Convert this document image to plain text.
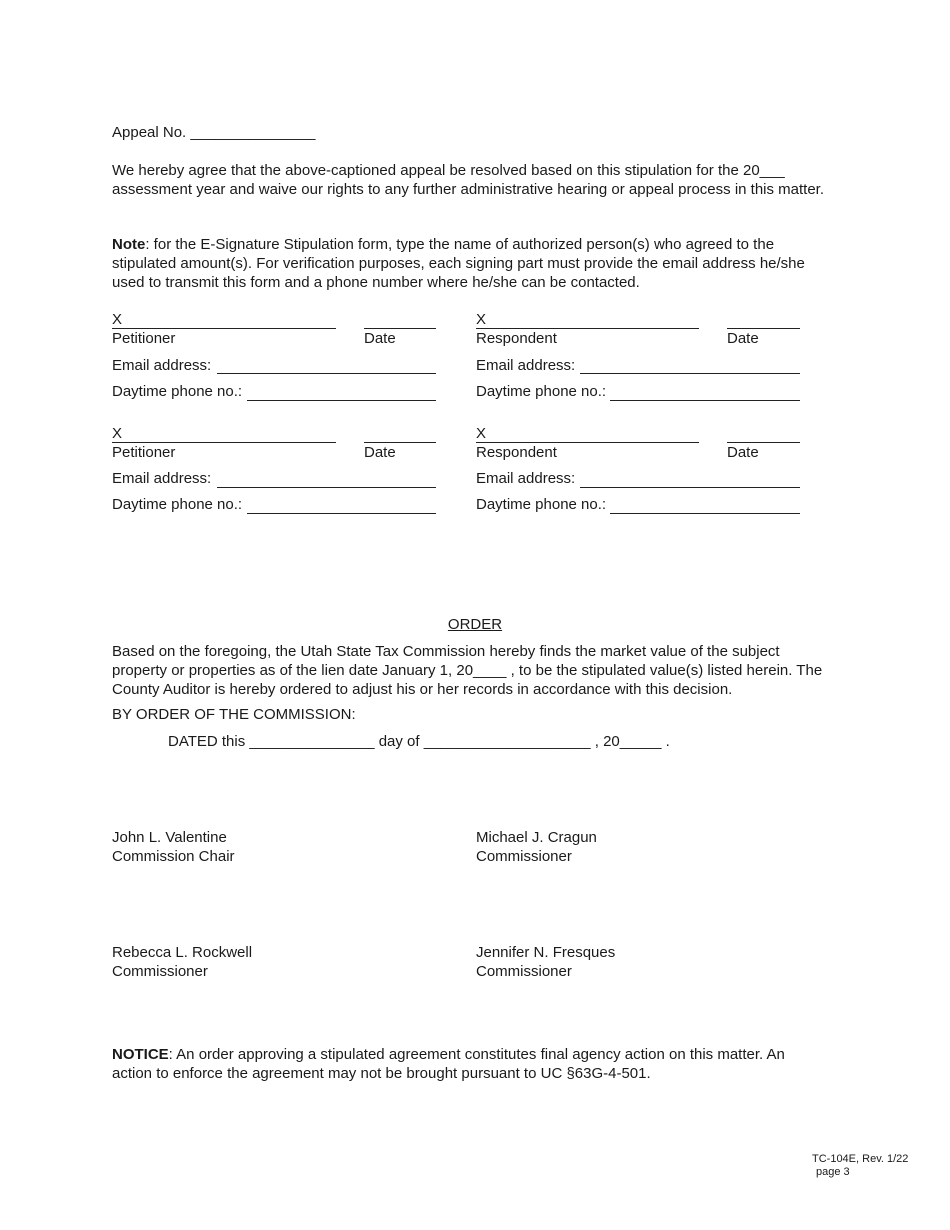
Appeal No. _______________
We hereby agree that the above-captioned appeal be resolved based on this stipulation for the 20___ assessment year and waive our rights to any further administrative hearing or appeal process in this matter.
Note: for the E-Signature Stipulation form, type the name of authorized person(s) who agreed to the stipulated amount(s). For verification purposes, each signing part must provide the email address he/she used to transmit this form and a phone number where he/she can be contacted.
X
Petitioner	Date
Email address:
Daytime phone no.:
X
Respondent	Date
Email address:
Daytime phone no.:
X
Petitioner	Date
Email address:
Daytime phone no.:
X
Respondent	Date
Email address:
Daytime phone no.:
ORDER
Based on the foregoing, the Utah State Tax Commission hereby finds the market value of the subject property or properties as of the lien date January 1, 20____ , to be the stipulated value(s) listed herein. The County Auditor is hereby ordered to adjust his or her records in accordance with this decision.
BY ORDER OF THE COMMISSION:
DATED this _______________ day of ____________________ , 20_____ .
John L. Valentine
Commission Chair
Michael J. Cragun
Commissioner
Rebecca L. Rockwell
Commissioner
Jennifer N. Fresques
Commissioner
NOTICE: An order approving a stipulated agreement constitutes final agency action on this matter. An action to enforce the agreement may not be brought pursuant to UC §63G-4-501.
TC-104E, Rev. 1/22
page 3
